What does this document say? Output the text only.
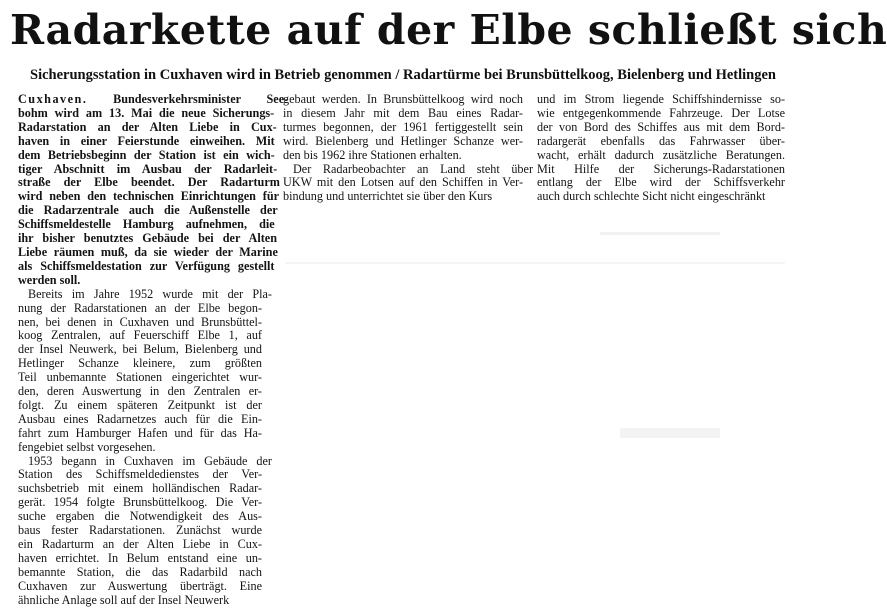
Radarkette auf der Elbe schließt sich
Sicherungsstation in Cuxhaven wird in Betrieb genommen / Radartürme bei Brunsbüttelkoog, Bielenberg und Hetlingen

Cuxhaven. Bundesverkehrsminister See-
bohm wird am 13. Mai die neue Sicherungs-
Radarstation an der Alten Liebe in Cux-
haven in einer Feierstunde einweihen. Mit
dem Betriebsbeginn der Station ist ein wich-
tiger Abschnitt im Ausbau der Radarleit-
straße der Elbe beendet. Der Radarturm
wird neben den technischen Einrichtungen für
die Radarzentrale auch die Außenstelle der
Schiffsmeldestelle Hamburg aufnehmen, die
ihr bisher benutztes Gebäude bei der Alten
Liebe räumen muß, da sie wieder der Marine
als Schiffsmeldestation zur Verfügung gestellt
werden soll.

Bereits im Jahre 1952 wurde mit der Pla-
nung der Radarstationen an der Elbe begon-
nen, bei denen in Cuxhaven und Brunsbüttel-
koog Zentralen, auf Feuerschiff Elbe 1, auf
der Insel Neuwerk, bei Belum, Bielenberg und
Hetlinger Schanze kleinere, zum größten
Teil unbemannte Stationen eingerichtet wur-
den, deren Auswertung in den Zentralen er-
folgt. Zu einem späteren Zeitpunkt ist der
Ausbau eines Radarnetzes auch für die Ein-
fahrt zum Hamburger Hafen und für das Ha-
fengebiet selbst vorgesehen.

1953 begann in Cuxhaven im Gebäude der
Station des Schiffsmeldedienstes der Ver-
suchsbetrieb mit einem holländischen Radar-
gerät. 1954 folgte Brunsbüttelkoog. Die Ver-
suche ergaben die Notwendigkeit des Aus-
baus fester Radarstationen. Zunächst wurde
ein Radarturm an der Alten Liebe in Cux-
haven errichtet. In Belum entstand eine un-
bemannte Station, die das Radarbild nach
Cuxhaven zur Auswertung überträgt. Eine
ähnliche Anlage soll auf der Insel Neuwerk

gebaut werden. In Brunsbüttelkoog wird noch
in diesem Jahr mit dem Bau eines Radar-
turmes begonnen, der 1961 fertiggestellt sein
wird. Bielenberg und Hetlinger Schanze wer-
den bis 1962 ihre Stationen erhalten.

Der Radarbeobachter an Land steht über
UKW mit den Lotsen auf den Schiffen in Ver-
bindung und unterrichtet sie über den Kurs

und im Strom liegende Schiffshindernisse so-
wie entgegenkommende Fahrzeuge. Der Lotse
der von Bord des Schiffes aus mit dem Bord-
radargerät ebenfalls das Fahrwasser über-
wacht, erhält dadurch zusätzliche Beratungen.
Mit Hilfe der Sicherungs-Radarstationen
entlang der Elbe wird der Schiffsverkehr
auch durch schlechte Sicht nicht eingeschränkt
